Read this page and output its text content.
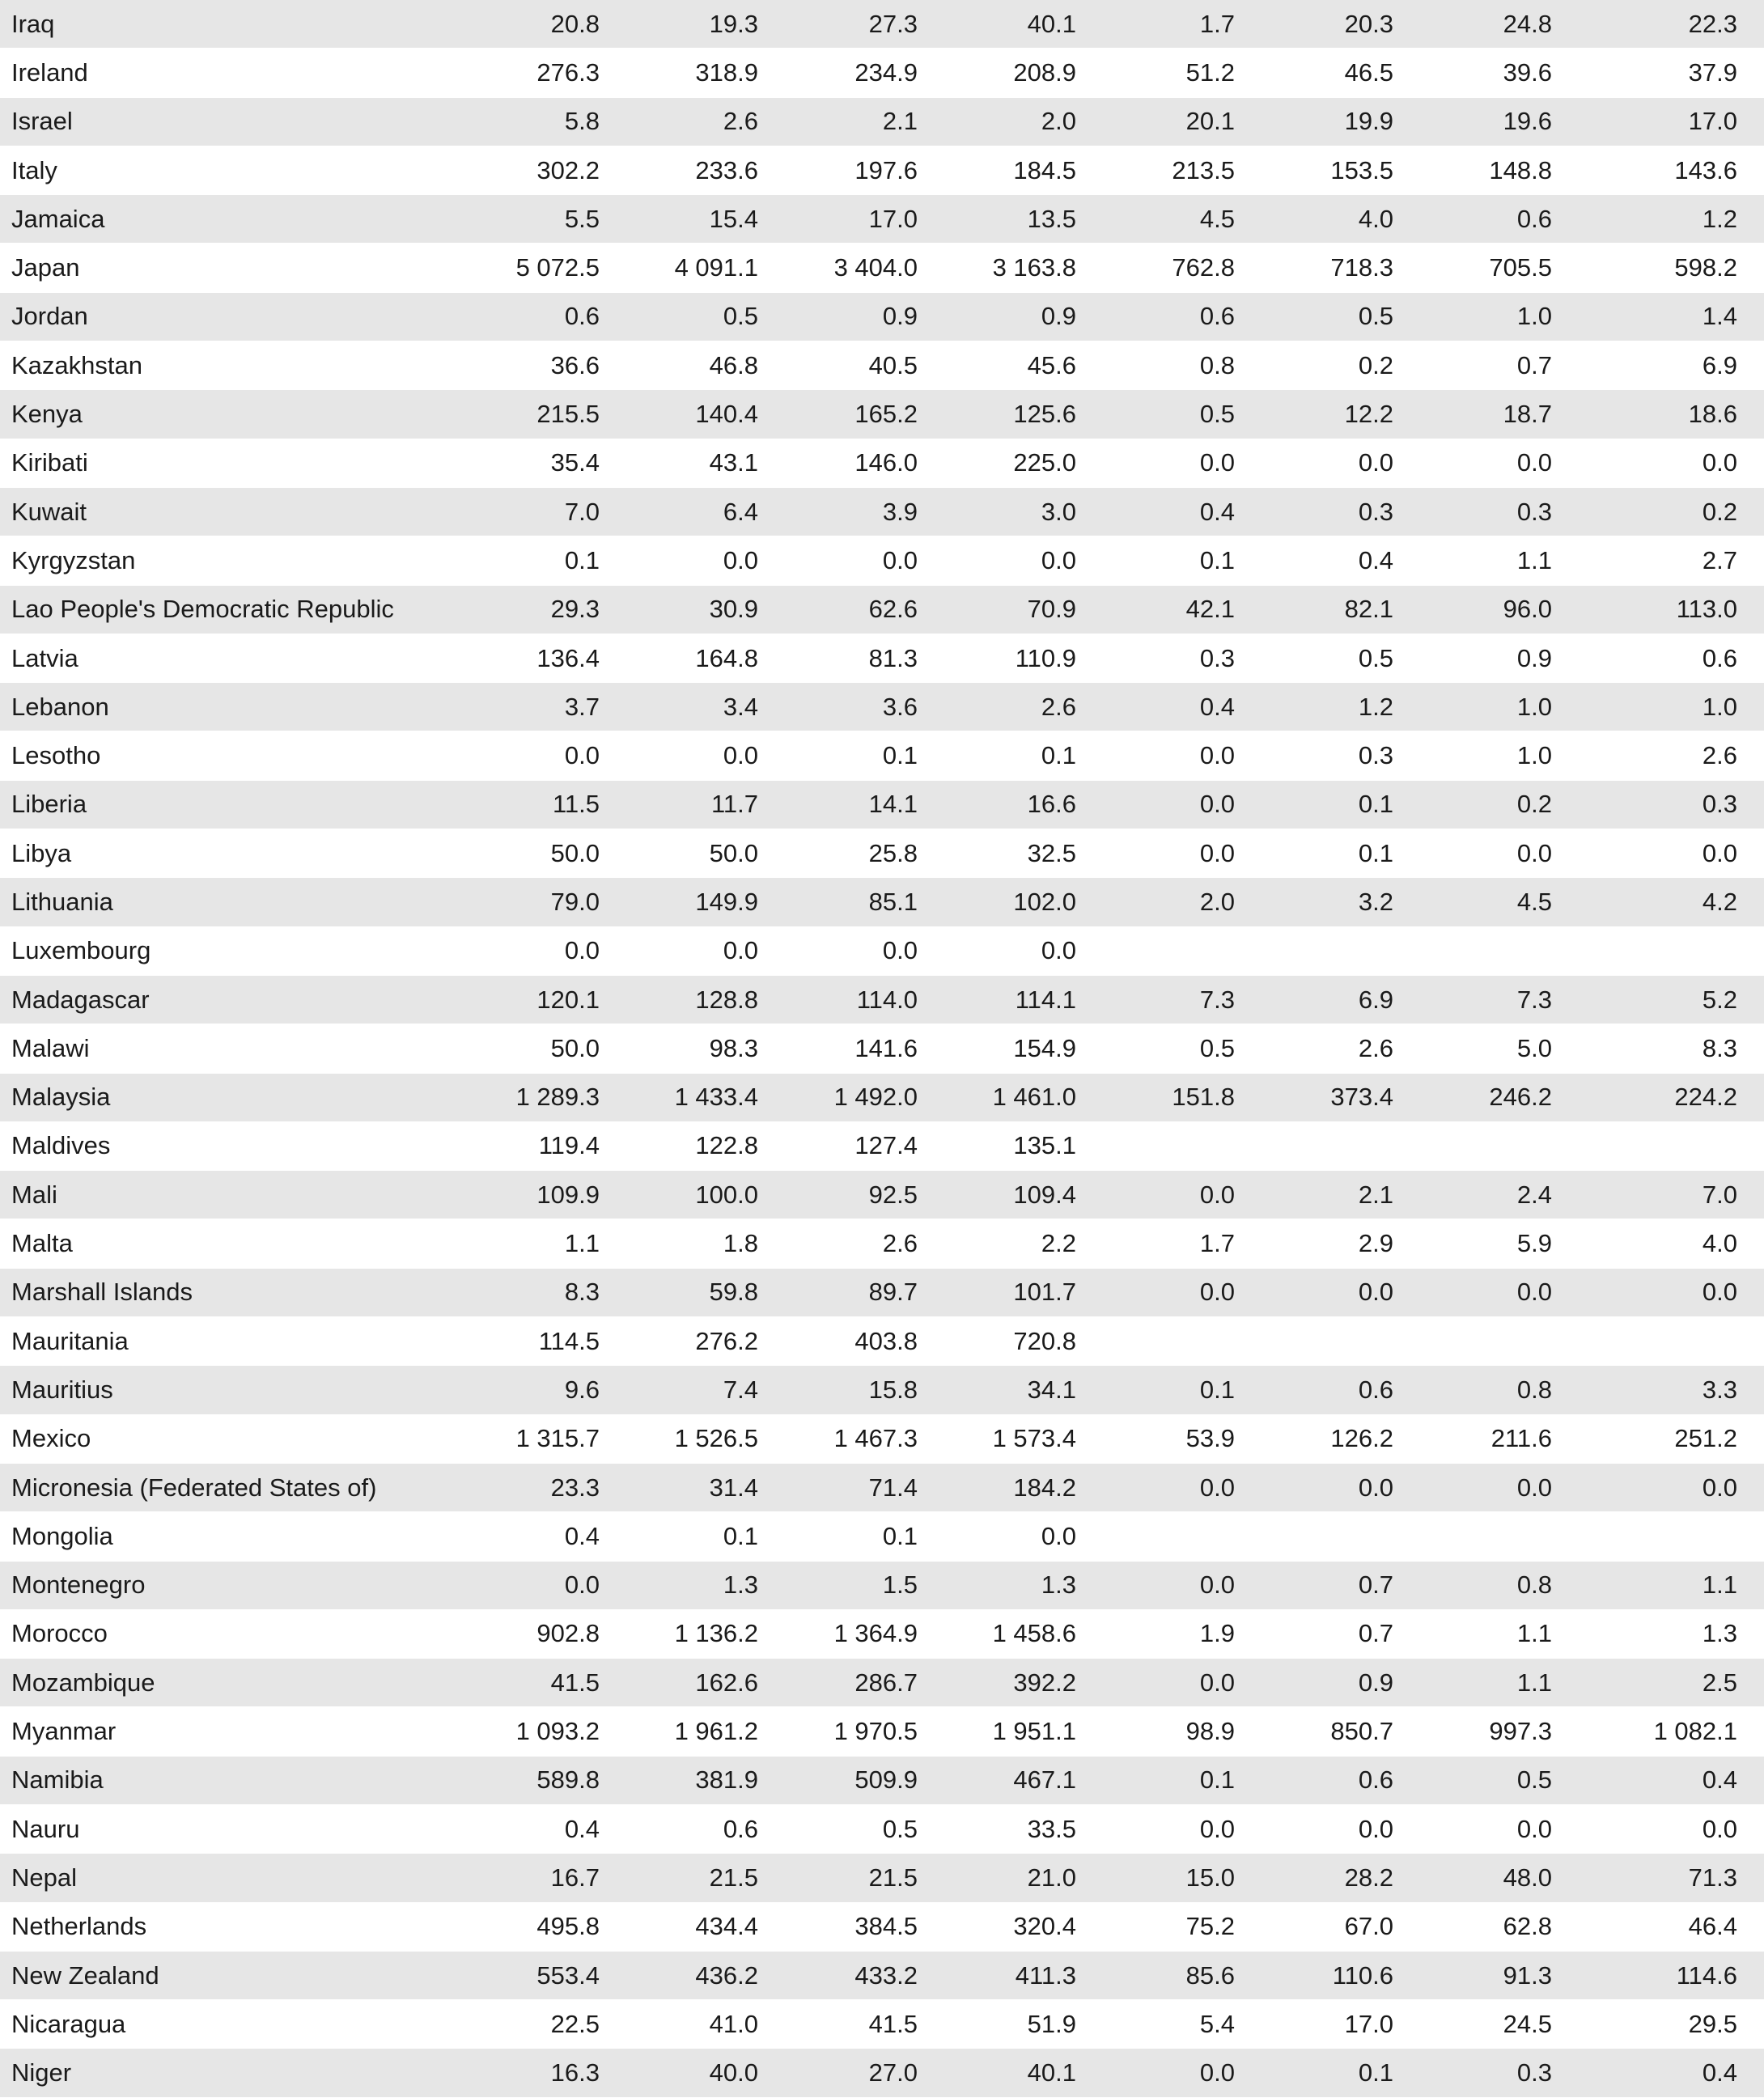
Iraq	20.8	19.3	27.3	40.1	1.7	20.3	24.8	22.3
Ireland	276.3	318.9	234.9	208.9	51.2	46.5	39.6	37.9
Israel	5.8	2.6	2.1	2.0	20.1	19.9	19.6	17.0
Italy	302.2	233.6	197.6	184.5	213.5	153.5	148.8	143.6
Jamaica	5.5	15.4	17.0	13.5	4.5	4.0	0.6	1.2
Japan	5 072.5	4 091.1	3 404.0	3 163.8	762.8	718.3	705.5	598.2
Jordan	0.6	0.5	0.9	0.9	0.6	0.5	1.0	1.4
Kazakhstan	36.6	46.8	40.5	45.6	0.8	0.2	0.7	6.9
Kenya	215.5	140.4	165.2	125.6	0.5	12.2	18.7	18.6
Kiribati	35.4	43.1	146.0	225.0	0.0	0.0	0.0	0.0
Kuwait	7.0	6.4	3.9	3.0	0.4	0.3	0.3	0.2
Kyrgyzstan	0.1	0.0	0.0	0.0	0.1	0.4	1.1	2.7
Lao People's Democratic Republic	29.3	30.9	62.6	70.9	42.1	82.1	96.0	113.0
Latvia	136.4	164.8	81.3	110.9	0.3	0.5	0.9	0.6
Lebanon	3.7	3.4	3.6	2.6	0.4	1.2	1.0	1.0
Lesotho	0.0	0.0	0.1	0.1	0.0	0.3	1.0	2.6
Liberia	11.5	11.7	14.1	16.6	0.0	0.1	0.2	0.3
Libya	50.0	50.0	25.8	32.5	0.0	0.1	0.0	0.0
Lithuania	79.0	149.9	85.1	102.0	2.0	3.2	4.5	4.2
Luxembourg	0.0	0.0	0.0	0.0				
Madagascar	120.1	128.8	114.0	114.1	7.3	6.9	7.3	5.2
Malawi	50.0	98.3	141.6	154.9	0.5	2.6	5.0	8.3
Malaysia	1 289.3	1 433.4	1 492.0	1 461.0	151.8	373.4	246.2	224.2
Maldives	119.4	122.8	127.4	135.1				
Mali	109.9	100.0	92.5	109.4	0.0	2.1	2.4	7.0
Malta	1.1	1.8	2.6	2.2	1.7	2.9	5.9	4.0
Marshall Islands	8.3	59.8	89.7	101.7	0.0	0.0	0.0	0.0
Mauritania	114.5	276.2	403.8	720.8				
Mauritius	9.6	7.4	15.8	34.1	0.1	0.6	0.8	3.3
Mexico	1 315.7	1 526.5	1 467.3	1 573.4	53.9	126.2	211.6	251.2
Micronesia (Federated States of)	23.3	31.4	71.4	184.2	0.0	0.0	0.0	0.0
Mongolia	0.4	0.1	0.1	0.0				
Montenegro	0.0	1.3	1.5	1.3	0.0	0.7	0.8	1.1
Morocco	902.8	1 136.2	1 364.9	1 458.6	1.9	0.7	1.1	1.3
Mozambique	41.5	162.6	286.7	392.2	0.0	0.9	1.1	2.5
Myanmar	1 093.2	1 961.2	1 970.5	1 951.1	98.9	850.7	997.3	1 082.1
Namibia	589.8	381.9	509.9	467.1	0.1	0.6	0.5	0.4
Nauru	0.4	0.6	0.5	33.5	0.0	0.0	0.0	0.0
Nepal	16.7	21.5	21.5	21.0	15.0	28.2	48.0	71.3
Netherlands	495.8	434.4	384.5	320.4	75.2	67.0	62.8	46.4
New Zealand	553.4	436.2	433.2	411.3	85.6	110.6	91.3	114.6
Nicaragua	22.5	41.0	41.5	51.9	5.4	17.0	24.5	29.5
Niger	16.3	40.0	27.0	40.1	0.0	0.1	0.3	0.4
